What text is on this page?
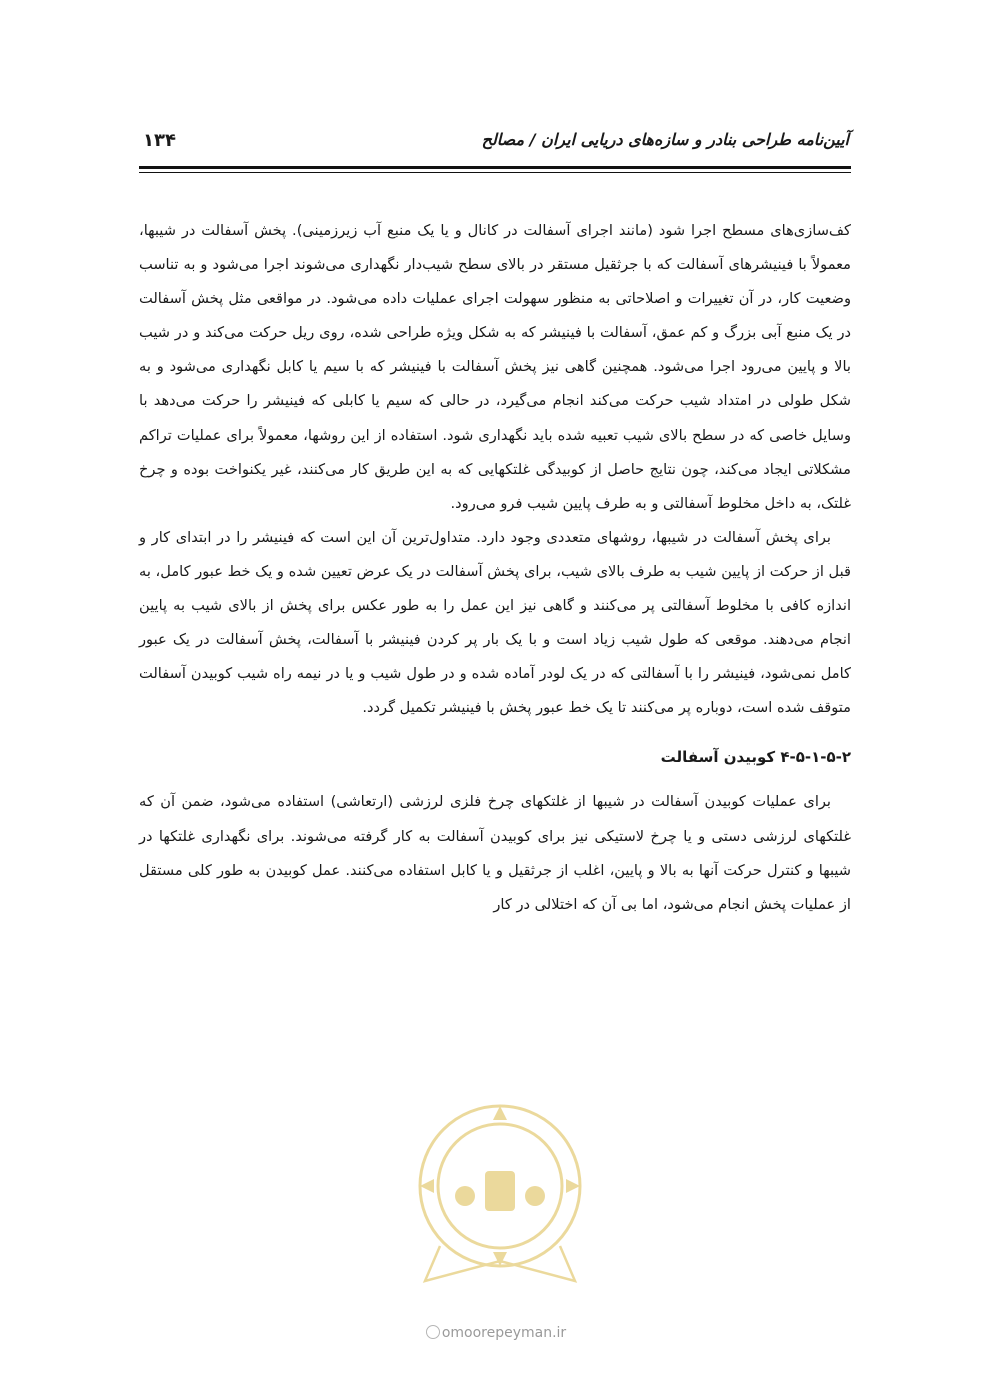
آیین‌نامه طراحی بنادر و سازه‌های دریایی ایران / مصالح
۱۳۴

کف‌سازی‌های مسطح اجرا شود (مانند اجرای آسفالت در کانال و یا یک منبع آب زیرزمینی). پخش آسفالت در شیبها، معمولاً با فینیشرهای آسفالت که با جرثقیل مستقر در بالای سطح شیب‌دار نگهداری می‌شوند اجرا می‌شود و به تناسب وضعیت کار، در آن تغییرات و اصلاحاتی به منظور سهولت اجرای عملیات داده می‌شود. در مواقعی مثل پخش آسفالت در یک منبع آبی بزرگ و کم عمق، آسفالت با فینیشر که به شکل ویژه طراحی شده، روی ریل حرکت می‌کند و در شیب بالا و پایین می‌رود اجرا می‌شود. همچنین گاهی نیز پخش آسفالت با فینیشر که با سیم یا کابل نگهداری می‌شود و به شکل طولی در امتداد شیب حرکت می‌کند انجام می‌گیرد، در حالی که سیم یا کابلی که فینیشر را حرکت می‌دهد با وسایل خاصی که در سطح بالای شیب تعبیه شده باید نگهداری شود. استفاده از این روشها، معمولاً برای عملیات تراکم مشکلاتی ایجاد می‌کند، چون نتایج حاصل از کوبیدگی غلتکهایی که به این طریق کار می‌کنند، غیر یکنواخت بوده و چرخ غلتک، به داخل مخلوط آسفالتی و به طرف پایین شیب فرو می‌رود.

برای پخش آسفالت در شیبها، روشهای متعددی وجود دارد. متداول‌ترین آن این است که فینیشر را در ابتدای کار و قبل از حرکت از پایین شیب به طرف بالای شیب، برای پخش آسفالت در یک عرض تعیین شده و یک خط عبور کامل، به اندازه کافی با مخلوط آسفالتی پر می‌کنند و گاهی نیز این عمل را به طور عکس برای پخش از بالای شیب به پایین انجام می‌دهند. موقعی که طول شیب زیاد است و با یک بار پر کردن فینیشر با آسفالت، پخش آسفالت در یک عبور کامل نمی‌شود، فینیشر را با آسفالتی که در یک لودر آماده شده و در طول شیب و یا در نیمه راه شیب کوبیدن آسفالت متوقف شده است، دوباره پر می‌کنند تا یک خط عبور پخش با فینیشر تکمیل گردد.

۴-۵-۱-۵-۲ کوبیدن آسفالت

برای عملیات کوبیدن آسفالت در شیبها از غلتکهای چرخ فلزی لرزشی (ارتعاشی) استفاده می‌شود، ضمن آن که غلتکهای لرزشی دستی و یا چرخ لاستیکی نیز برای کوبیدن آسفالت به کار گرفته می‌شوند. برای نگهداری غلتکها در شیبها و کنترل حرکت آنها به بالا و پایین، اغلب از جرثقیل و یا کابل استفاده می‌کنند. عمل کوبیدن به طور کلی مستقل از عملیات پخش انجام می‌شود، اما بی آن که اختلالی در کار

omoorepeyman.ir
